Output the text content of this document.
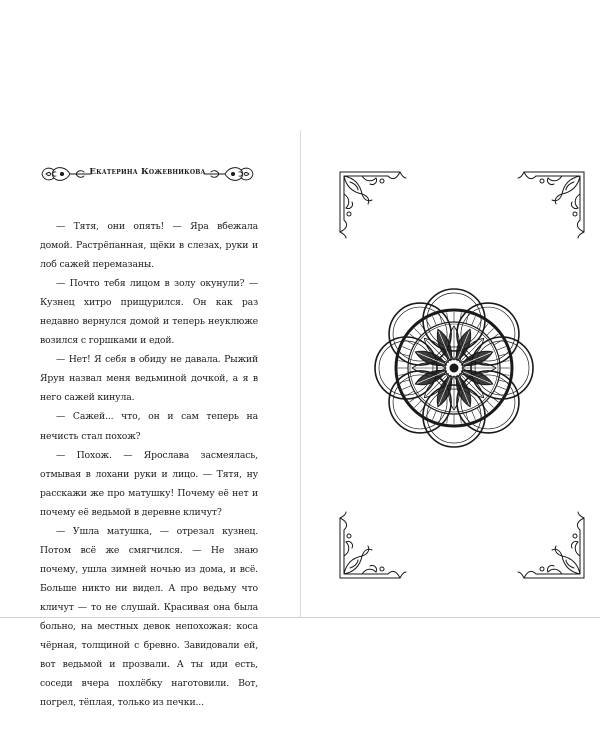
Екатерина Кожевникова

— Тятя, они опять! — Яра вбежала домой. Растрёпанная, щёки в слезах, руки и лоб сажей перемазаны.

— Почто тебя лицом в золу окунули? — Кузнец хитро прищурился. Он как раз недавно вернулся домой и теперь неуклюже возился с горшками и едой.

— Нет! Я себя в обиду не давала. Рыжий Ярун назвал меня ведьминой дочкой, а я в него сажей кинула.

— Сажей... что, он и сам теперь на нечисть стал похож?

— Похож. — Ярослава засмеялась, отмывая в лохани руки и лицо. — Тятя, ну расскажи же про матушку! Почему её нет и почему её ведьмой в деревне кличут?

— Ушла матушка, — отрезал кузнец. Потом всё же смягчился. — Не знаю почему, ушла зимней ночью из дома, и всё. Больше никто ни видел. А про ведьму что кличут — то не слушай. Красивая она была больно, на местных девок непохожая: коса чёрная, толщиной с бревно. Завидовали ей, вот ведьмой и прозвали. А ты иди есть, соседи вчера похлёбку наготовили. Вот, погрел, тёплая, только из печки...
